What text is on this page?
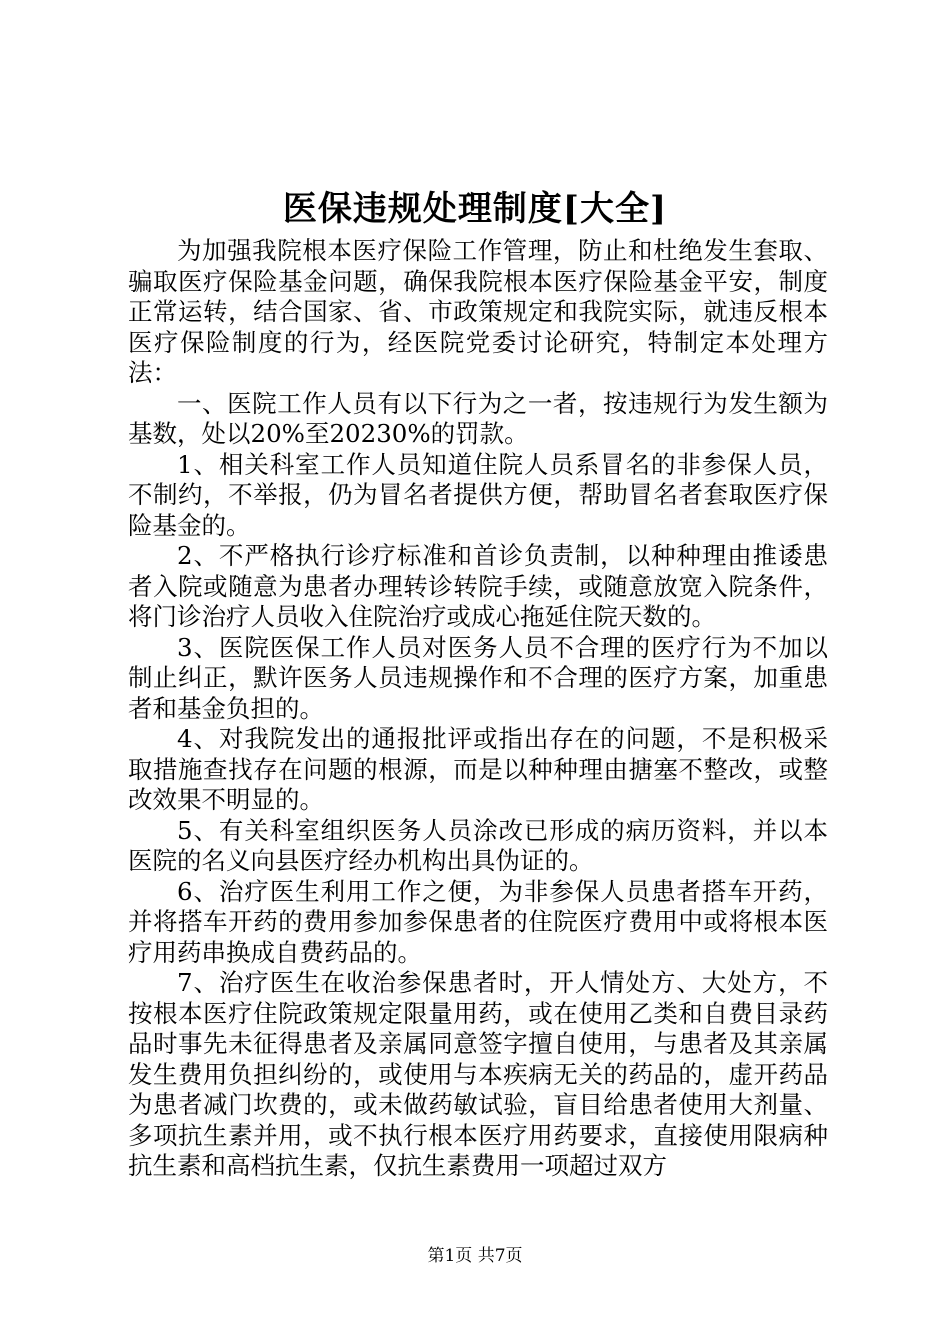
医保违规处理制度[大全]

为加强我院根本医疗保险工作管理，防止和杜绝发生套取、骗取医疗保险基金问题，确保我院根本医疗保险基金平安，制度正常运转，结合国家、省、市政策规定和我院实际，就违反根本医疗保险制度的行为，经医院党委讨论研究，特制定本处理方法：

一、医院工作人员有以下行为之一者，按违规行为发生额为基数，处以20%至20230%的罚款。

1、相关科室工作人员知道住院人员系冒名的非参保人员，不制约，不举报，仍为冒名者提供方便，帮助冒名者套取医疗保险基金的。

2、不严格执行诊疗标准和首诊负责制，以种种理由推诿患者入院或随意为患者办理转诊转院手续，或随意放宽入院条件，将门诊治疗人员收入住院治疗或成心拖延住院天数的。

3、医院医保工作人员对医务人员不合理的医疗行为不加以制止纠正，默许医务人员违规操作和不合理的医疗方案，加重患者和基金负担的。

4、对我院发出的通报批评或指出存在的问题，不是积极采取措施查找存在问题的根源，而是以种种理由搪塞不整改，或整改效果不明显的。

5、有关科室组织医务人员涂改已形成的病历资料，并以本医院的名义向县医疗经办机构出具伪证的。

6、治疗医生利用工作之便，为非参保人员患者搭车开药，并将搭车开药的费用参加参保患者的住院医疗费用中或将根本医疗用药串换成自费药品的。

7、治疗医生在收治参保患者时，开人情处方、大处方，不按根本医疗住院政策规定限量用药，或在使用乙类和自费目录药品时事先未征得患者及亲属同意签字擅自使用，与患者及其亲属发生费用负担纠纷的，或使用与本疾病无关的药品的，虚开药品为患者减门坎费的，或未做药敏试验，盲目给患者使用大剂量、多项抗生素并用，或不执行根本医疗用药要求，直接使用限病种抗生素和高档抗生素，仅抗生素费用一项超过双方

第1页 共7页
